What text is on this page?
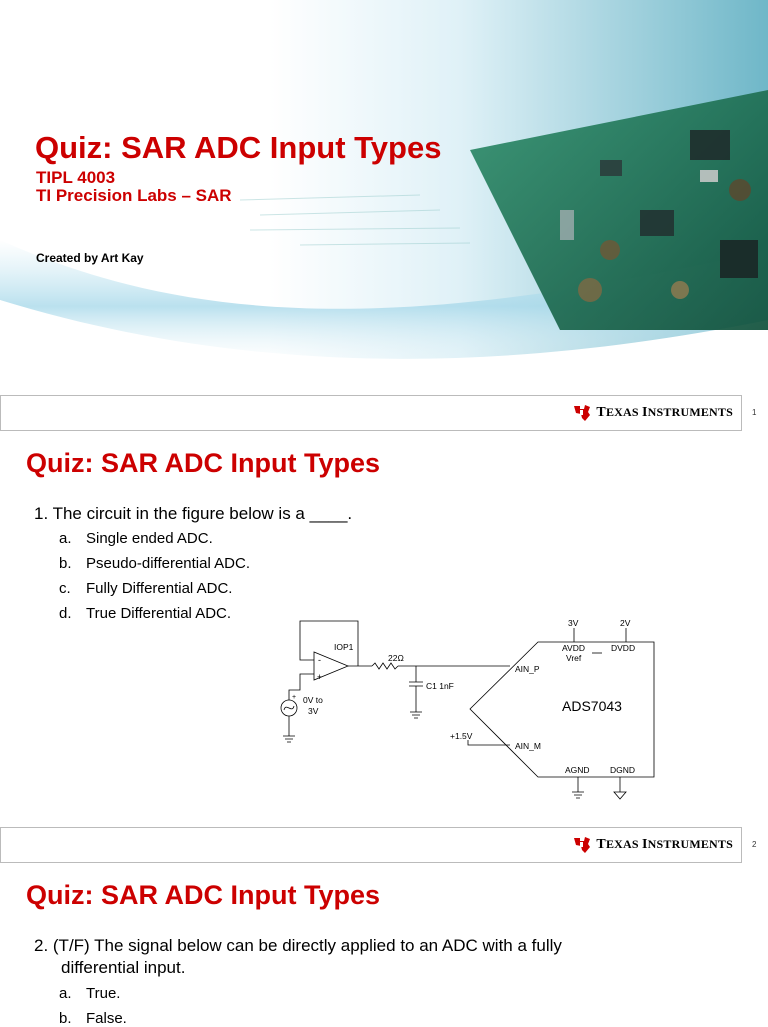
Quiz: SAR ADC Input Types
TIPL 4003
TI Precision Labs – SAR
Created by Art Kay
TEXAS INSTRUMENTS 1
Quiz: SAR ADC Input Types
1. The circuit in the figure below is a ____.
a. Single ended ADC.
b. Pseudo-differential ADC.
c. Fully Differential ADC.
d. True Differential ADC.
TEXAS INSTRUMENTS 2
IOP1
-
+
22Ω
C1 1nF
0V to
3V
+
+1.5V
AIN_P
AIN_M
3V	2V
AVDD	DVDD
Vref
AGND DGND
ADS7043
Quiz: SAR ADC Input Types
2. (T/F) The signal below can be directly applied to an ADC with a fully
differential input.
a. True.
b. False.
